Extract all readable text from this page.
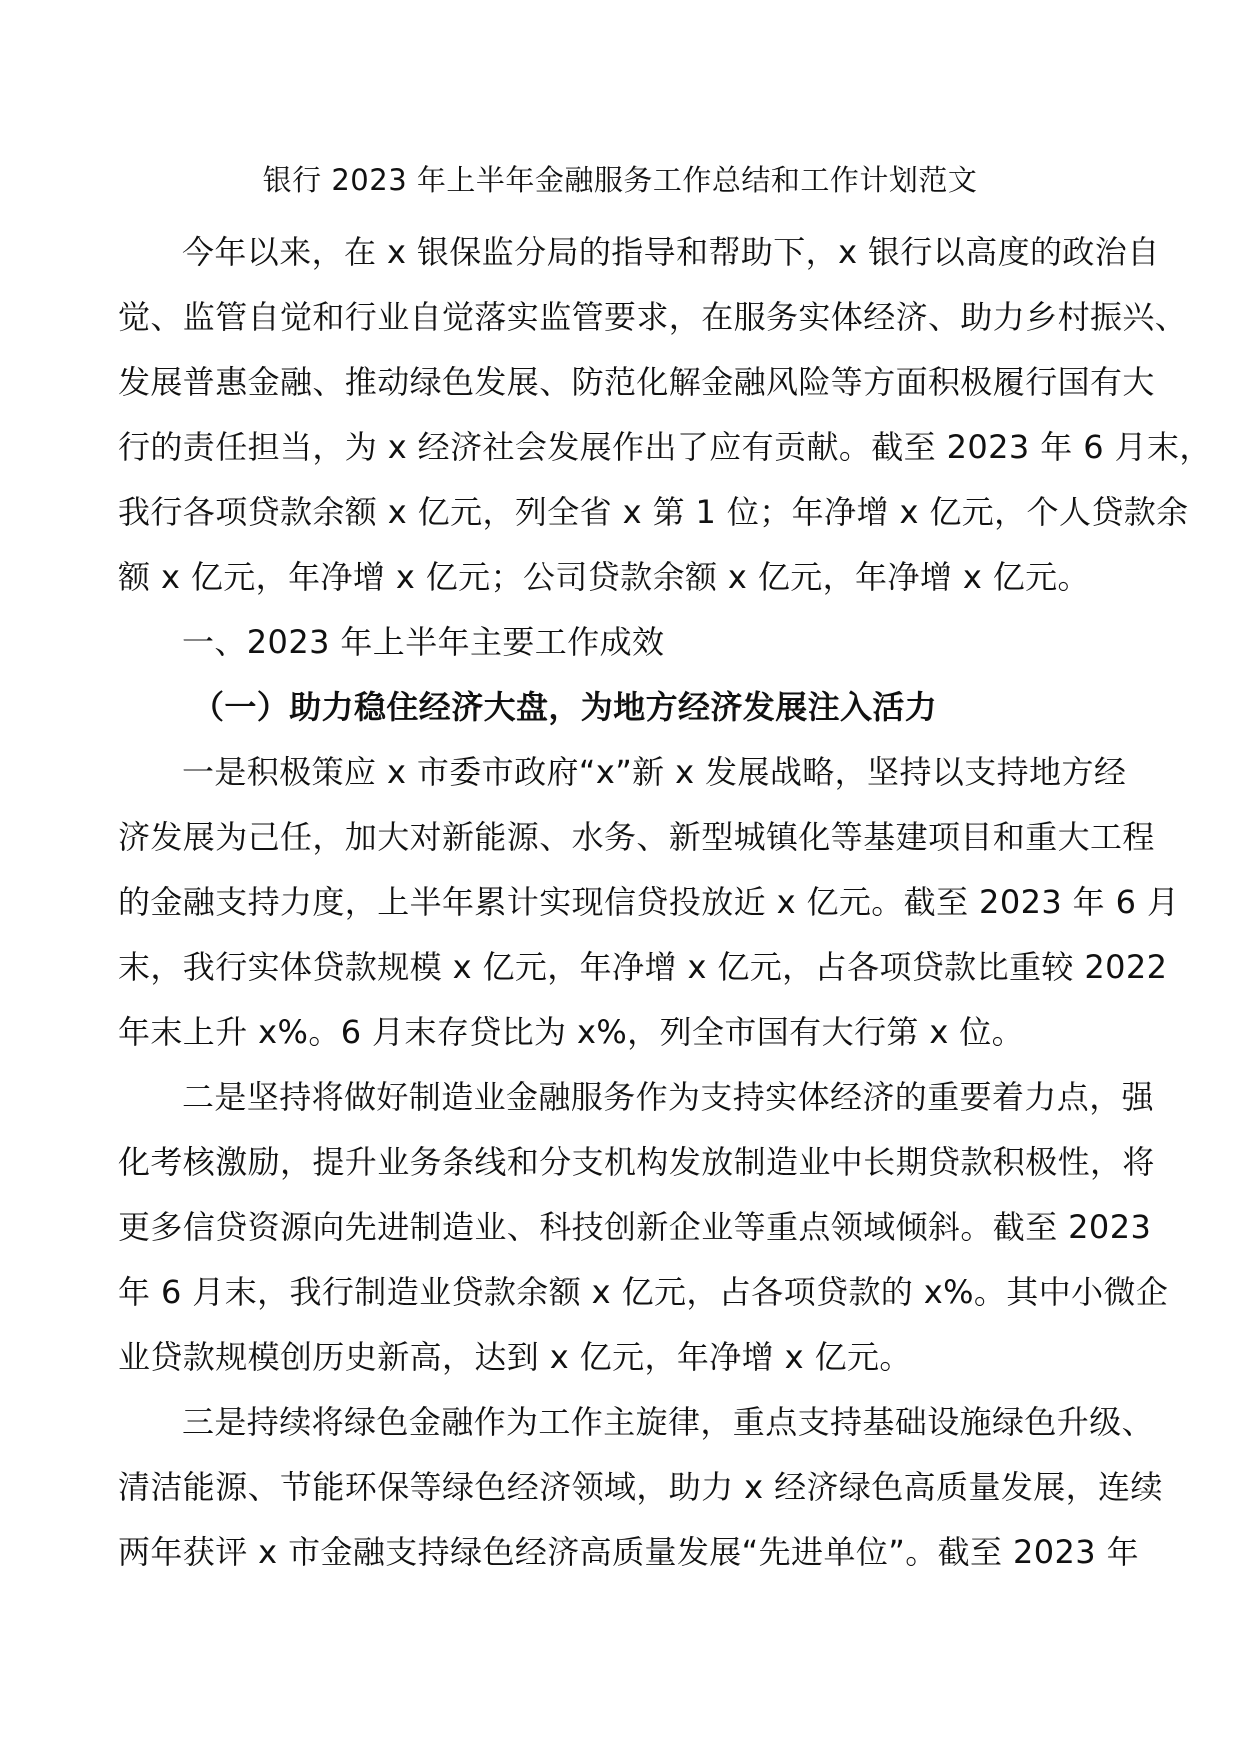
银行 2023 年上半年金融服务工作总结和工作计划范文
今年以来，在 x 银保监分局的指导和帮助下，x 银行以高度的政治自
觉、监管自觉和行业自觉落实监管要求，在服务实体经济、助力乡村振兴、
发展普惠金融、推动绿色发展、防范化解金融风险等方面积极履行国有大
行的责任担当，为 x 经济社会发展作出了应有贡献。截至 2023 年 6 月末，
我行各项贷款余额 x 亿元，列全省 x 第 1 位；年净增 x 亿元，个人贷款余
额 x 亿元，年净增 x 亿元；公司贷款余额 x 亿元，年净增 x 亿元。
一、2023 年上半年主要工作成效
（一）助力稳住经济大盘，为地方经济发展注入活力
一是积极策应 x 市委市政府“x”新 x 发展战略，坚持以支持地方经
济发展为己任，加大对新能源、水务、新型城镇化等基建项目和重大工程
的金融支持力度，上半年累计实现信贷投放近 x 亿元。截至 2023 年 6 月
末，我行实体贷款规模 x 亿元，年净增 x 亿元，占各项贷款比重较 2022
年末上升 x%。6 月末存贷比为 x%，列全市国有大行第 x 位。
二是坚持将做好制造业金融服务作为支持实体经济的重要着力点，强
化考核激励，提升业务条线和分支机构发放制造业中长期贷款积极性，将
更多信贷资源向先进制造业、科技创新企业等重点领域倾斜。截至 2023
年 6 月末，我行制造业贷款余额 x 亿元，占各项贷款的 x%。其中小微企
业贷款规模创历史新高，达到 x 亿元，年净增 x 亿元。
三是持续将绿色金融作为工作主旋律，重点支持基础设施绿色升级、
清洁能源、节能环保等绿色经济领域，助力 x 经济绿色高质量发展，连续
两年获评 x 市金融支持绿色经济高质量发展“先进单位”。截至 2023 年
